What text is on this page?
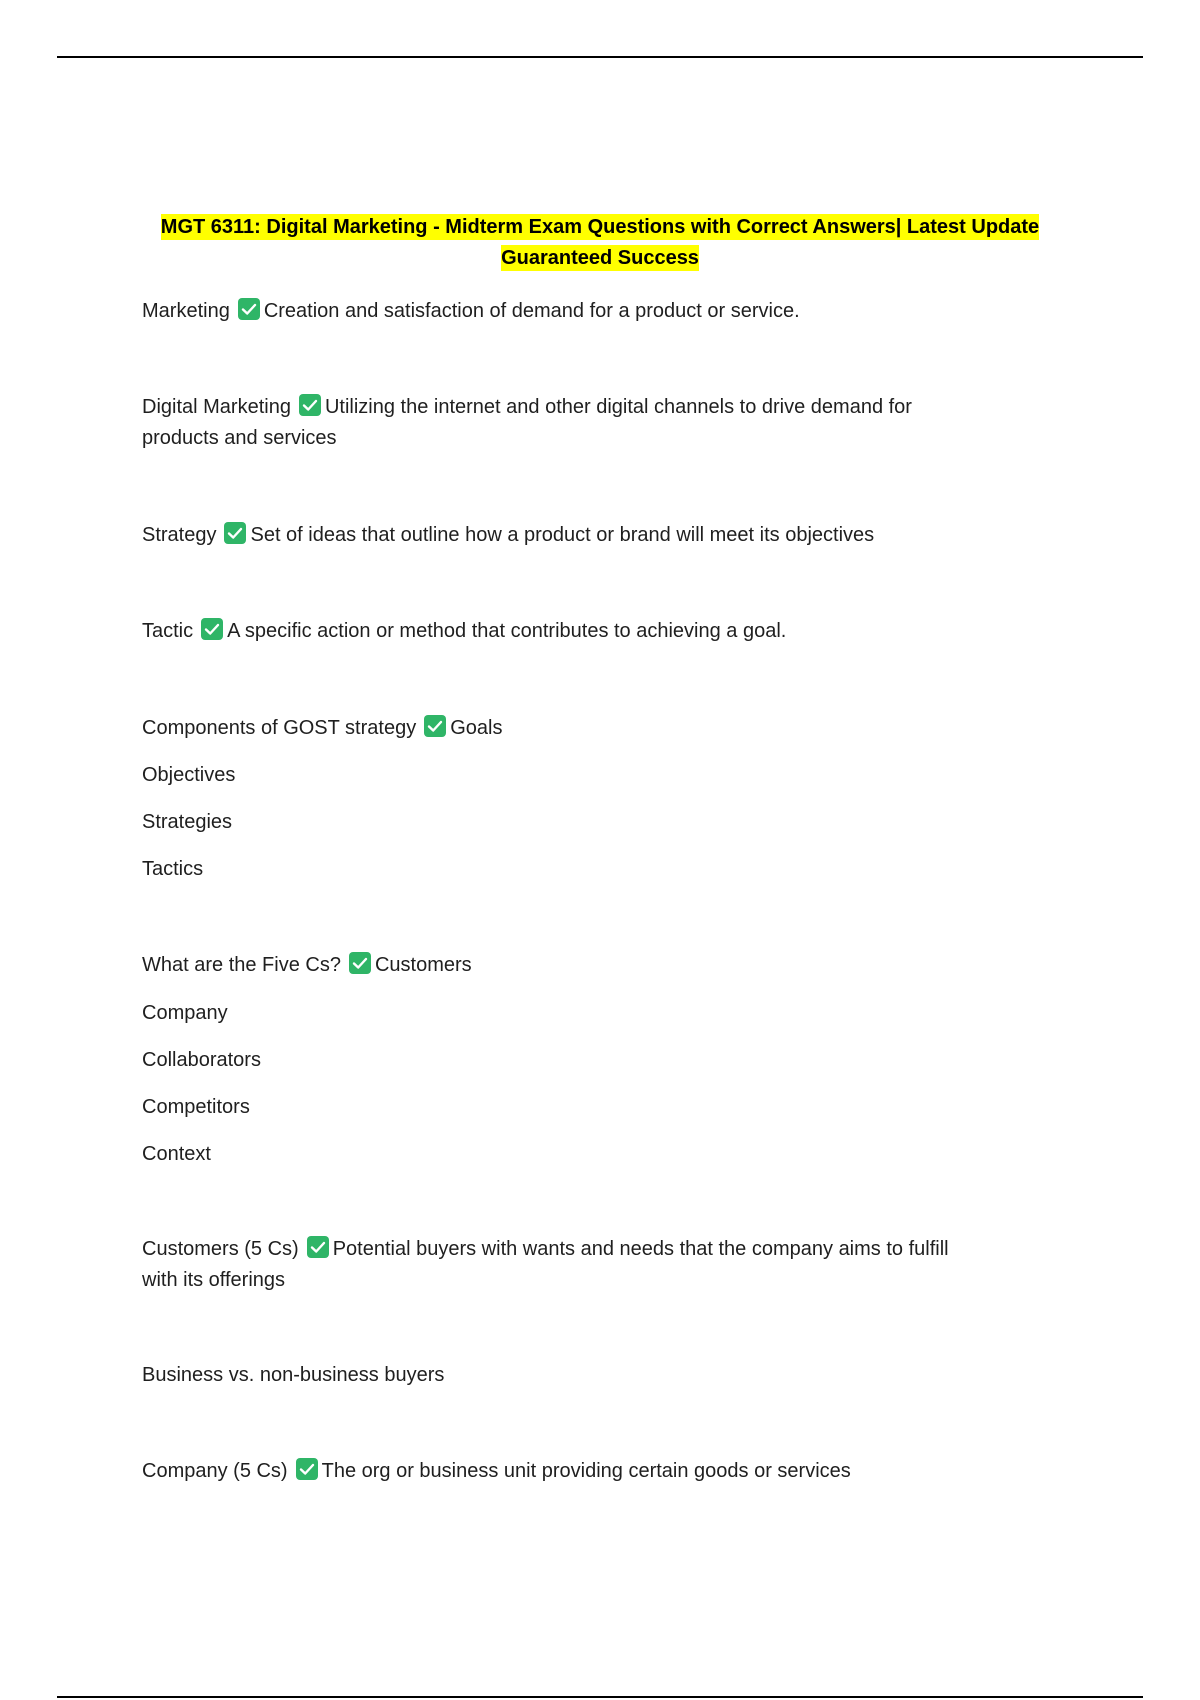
MGT 6311: Digital Marketing - Midterm Exam Questions with Correct Answers| Latest Update
Guaranteed Success
Marketing Creation and satisfaction of demand for a product or service.
Digital Marketing Utilizing the internet and other digital channels to drive demand for
products and services
Strategy Set of ideas that outline how a product or brand will meet its objectives
Tactic A specific action or method that contributes to achieving a goal.
Components of GOST strategy Goals
Objectives
Strategies
Tactics
What are the Five Cs? Customers
Company
Collaborators
Competitors
Context
Customers (5 Cs) Potential buyers with wants and needs that the company aims to fulfill
with its offerings
Business vs. non-business buyers
Company (5 Cs) The org or business unit providing certain goods or services
